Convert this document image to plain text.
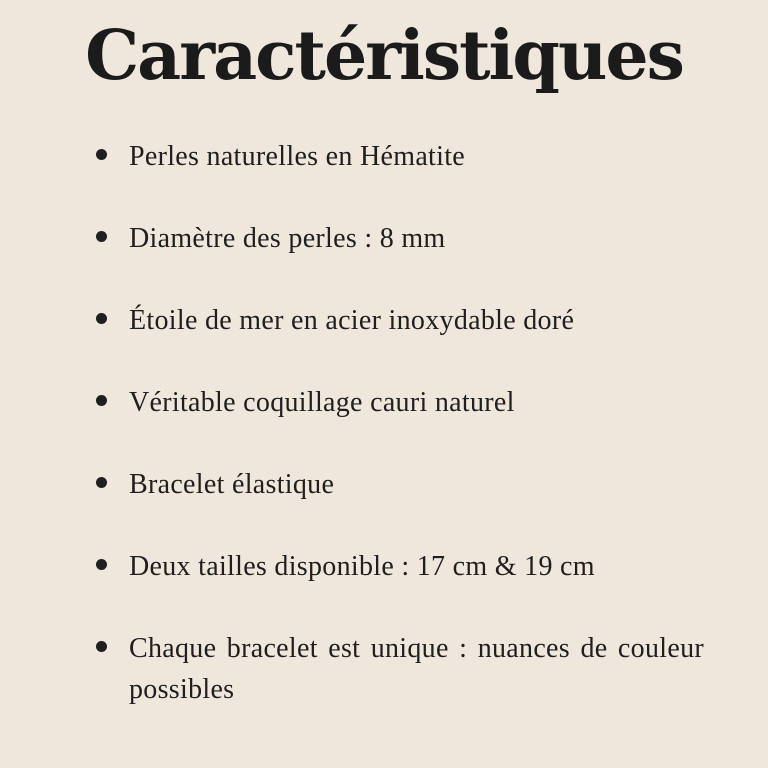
Caractéristiques
Perles naturelles en Hématite
Diamètre des perles : 8 mm
Étoile de mer en acier inoxydable doré
Véritable coquillage cauri naturel
Bracelet élastique
Deux tailles disponible : 17 cm & 19 cm
Chaque bracelet est unique : nuances de couleur possibles
